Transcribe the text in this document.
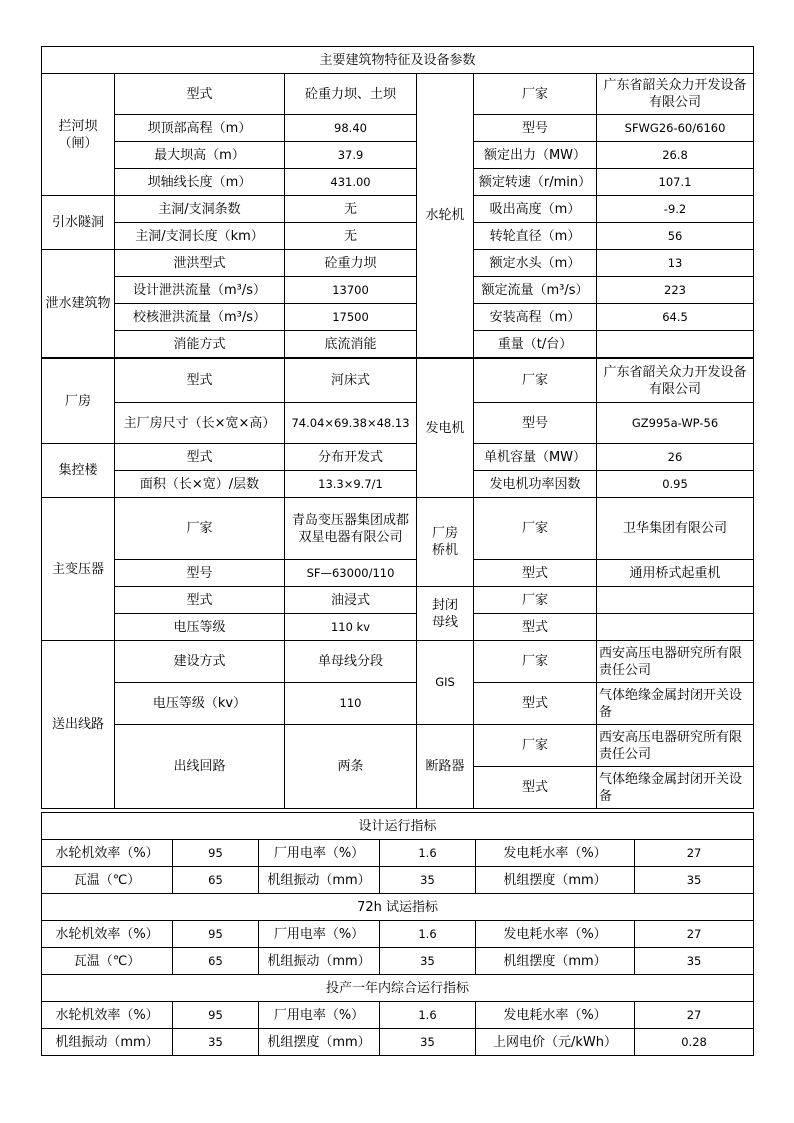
主要建筑物特征及设备参数					
拦河坝（闸）	型式	砼重力坝、土坝	水轮机	厂家	广东省韶关众力开发设备有限公司
	坝顶部高程（m）	98.40		型号	SFWG26-60/6160
	最大坝高（m）	37.9		额定出力（MW）	26.8
	坝轴线长度（m）	431.00		额定转速（r/min）	107.1
引水隧洞	主洞/支洞条数	无		吸出高度（m）	-9.2
	主洞/支洞长度（km）	无		转轮直径（m）	56
泄水建筑物	泄洪型式	砼重力坝		额定水头（m）	13
	设计泄洪流量（m³/s）	13700		额定流量（m³/s）	223
	校核泄洪流量（m³/s）	17500		安装高程（m）	64.5
	消能方式	底流消能		重量（t/台）	
厂房	型式	河床式	发电机	厂家	广东省韶关众力开发设备有限公司
	主厂房尺寸（长×宽×高）	74.04×69.38×48.13		型号	GZ995a-WP-56
集控楼	型式	分布开发式		单机容量（MW）	26
	面积（长×宽）/层数	13.3×9.7/1		发电机功率因数	0.95
主变压器	厂家	青岛变压器集团成都双星电器有限公司	厂房桥机	厂家	卫华集团有限公司
	型号	SF—63000/110		型式	通用桥式起重机
	型式	油浸式	封闭母线	厂家	
	电压等级	110 kv		型式	
送出线路	建设方式	单母线分段	GIS	厂家	西安高压电器研究所有限责任公司
	电压等级（kv）	110		型式	气体绝缘金属封闭开关设备
	出线回路	两条	断路器	厂家	西安高压电器研究所有限责任公司
				型式	气体绝缘金属封闭开关设备
设计运行指标					
水轮机效率（%）	95	厂用电率（%）	1.6	发电耗水率（%）	27
瓦温（℃）	65	机组振动（mm）	35	机组摆度（mm）	35
72h 试运指标					
水轮机效率（%）	95	厂用电率（%）	1.6	发电耗水率（%）	27
瓦温（℃）	65	机组振动（mm）	35	机组摆度（mm）	35
投产一年内综合运行指标					
水轮机效率（%）	95	厂用电率（%）	1.6	发电耗水率（%）	27
机组振动（mm）	35	机组摆度（mm）	35	上网电价（元/kWh）	0.28
